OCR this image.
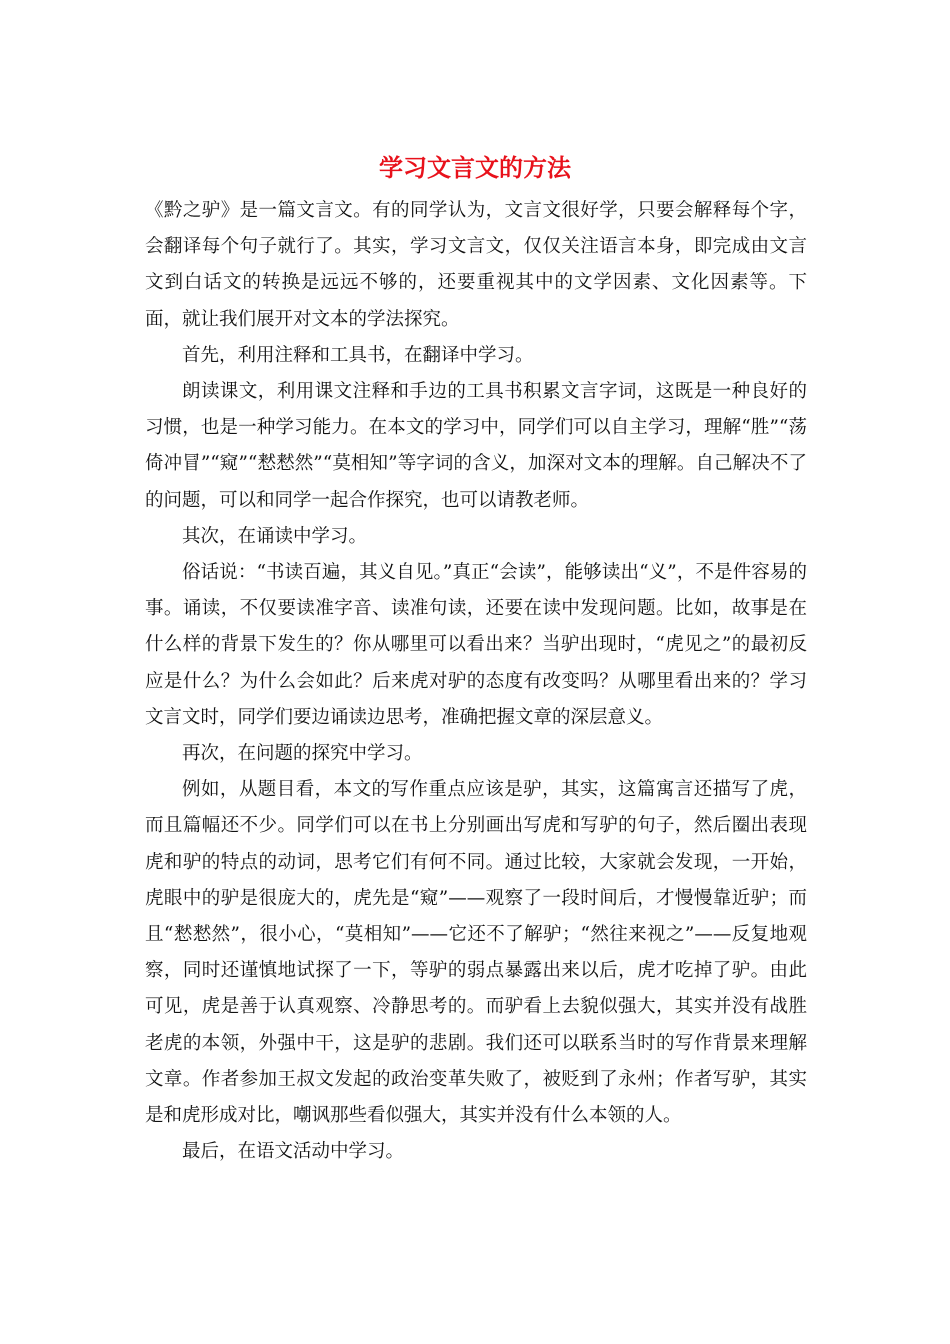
学习文言文的方法

《黔之驴》是一篇文言文。有的同学认为，文言文很好学，只要会解释每个字，会翻译每个句子就行了。其实，学习文言文，仅仅关注语言本身，即完成由文言文到白话文的转换是远远不够的，还要重视其中的文学因素、文化因素等。下面，就让我们展开对文本的学法探究。

首先，利用注释和工具书，在翻译中学习。

朗读课文，利用课文注释和手边的工具书积累文言字词，这既是一种良好的习惯，也是一种学习能力。在本文的学习中，同学们可以自主学习，理解“胜”“荡倚冲冒”“窥”“慭慭然”“莫相知”等字词的含义，加深对文本的理解。自己解决不了的问题，可以和同学一起合作探究，也可以请教老师。

其次，在诵读中学习。

俗话说：“书读百遍，其义自见。”真正“会读”，能够读出“义”，不是件容易的事。诵读，不仅要读准字音、读准句读，还要在读中发现问题。比如，故事是在什么样的背景下发生的？你从哪里可以看出来？当驴出现时，“虎见之”的最初反应是什么？为什么会如此？后来虎对驴的态度有改变吗？从哪里看出来的？学习文言文时，同学们要边诵读边思考，准确把握文章的深层意义。

再次，在问题的探究中学习。

例如，从题目看，本文的写作重点应该是驴，其实，这篇寓言还描写了虎，而且篇幅还不少。同学们可以在书上分别画出写虎和写驴的句子，然后圈出表现虎和驴的特点的动词，思考它们有何不同。通过比较，大家就会发现，一开始，虎眼中的驴是很庞大的，虎先是“窥”——观察了一段时间后，才慢慢靠近驴；而且“慭慭然”，很小心，“莫相知”——它还不了解驴；“然往来视之”——反复地观察，同时还谨慎地试探了一下，等驴的弱点暴露出来以后，虎才吃掉了驴。由此可见，虎是善于认真观察、冷静思考的。而驴看上去貌似强大，其实并没有战胜老虎的本领，外强中干，这是驴的悲剧。我们还可以联系当时的写作背景来理解文章。作者参加王叔文发起的政治变革失败了，被贬到了永州；作者写驴，其实是和虎形成对比，嘲讽那些看似强大，其实并没有什么本领的人。

最后，在语文活动中学习。
